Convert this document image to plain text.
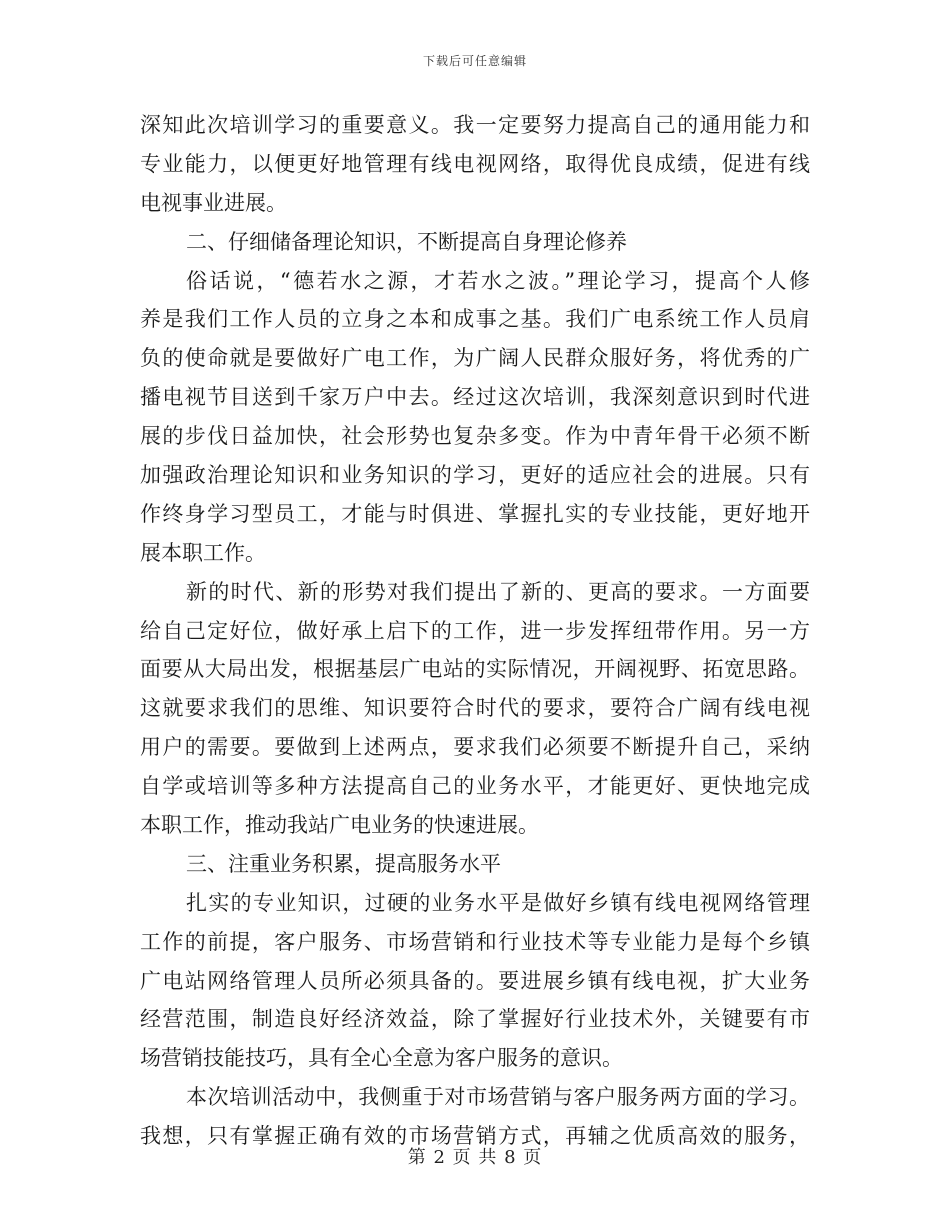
下载后可任意编辑
深知此次培训学习的重要意义。我一定要努力提高自己的通用能力和
专业能力，以便更好地管理有线电视网络，取得优良成绩，促进有线
电视事业进展。
二、仔细储备理论知识，不断提高自身理论修养
俗话说，“德若水之源，才若水之波。”理论学习，提高个人修
养是我们工作人员的立身之本和成事之基。我们广电系统工作人员肩
负的使命就是要做好广电工作，为广阔人民群众服好务，将优秀的广
播电视节目送到千家万户中去。经过这次培训，我深刻意识到时代进
展的步伐日益加快，社会形势也复杂多变。作为中青年骨干必须不断
加强政治理论知识和业务知识的学习，更好的适应社会的进展。只有
作终身学习型员工，才能与时俱进、掌握扎实的专业技能，更好地开
展本职工作。
新的时代、新的形势对我们提出了新的、更高的要求。一方面要
给自己定好位，做好承上启下的工作，进一步发挥纽带作用。另一方
面要从大局出发，根据基层广电站的实际情况，开阔视野、拓宽思路。
这就要求我们的思维、知识要符合时代的要求，要符合广阔有线电视
用户的需要。要做到上述两点，要求我们必须要不断提升自己，采纳
自学或培训等多种方法提高自己的业务水平，才能更好、更快地完成
本职工作，推动我站广电业务的快速进展。
三、注重业务积累，提高服务水平
扎实的专业知识，过硬的业务水平是做好乡镇有线电视网络管理
工作的前提，客户服务、市场营销和行业技术等专业能力是每个乡镇
广电站网络管理人员所必须具备的。要进展乡镇有线电视，扩大业务
经营范围，制造良好经济效益，除了掌握好行业技术外，关键要有市
场营销技能技巧，具有全心全意为客户服务的意识。
本次培训活动中，我侧重于对市场营销与客户服务两方面的学习。
我想，只有掌握正确有效的市场营销方式，再辅之优质高效的服务，
第 2 页 共 8 页
